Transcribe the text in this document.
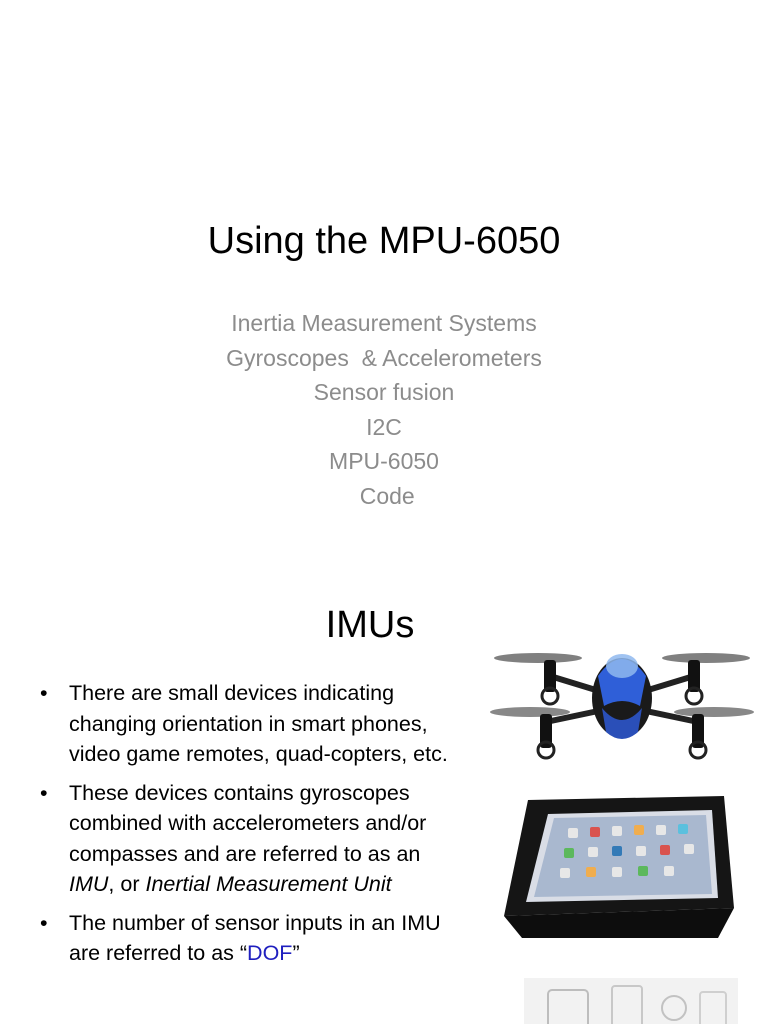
Using the MPU-6050
Inertia Measurement Systems
Gyroscopes  & Accelerometers
Sensor fusion
I2C
MPU-6050
Code
IMUs
• There are small devices indicating changing orientation in smart phones, video game remotes, quad-copters, etc.
• These devices contains gyroscopes combined with accelerometers and/or compasses and are referred to as an IMU, or Inertial Measurement Unit
• The number of sensor inputs in an IMU are referred to as “DOF”
